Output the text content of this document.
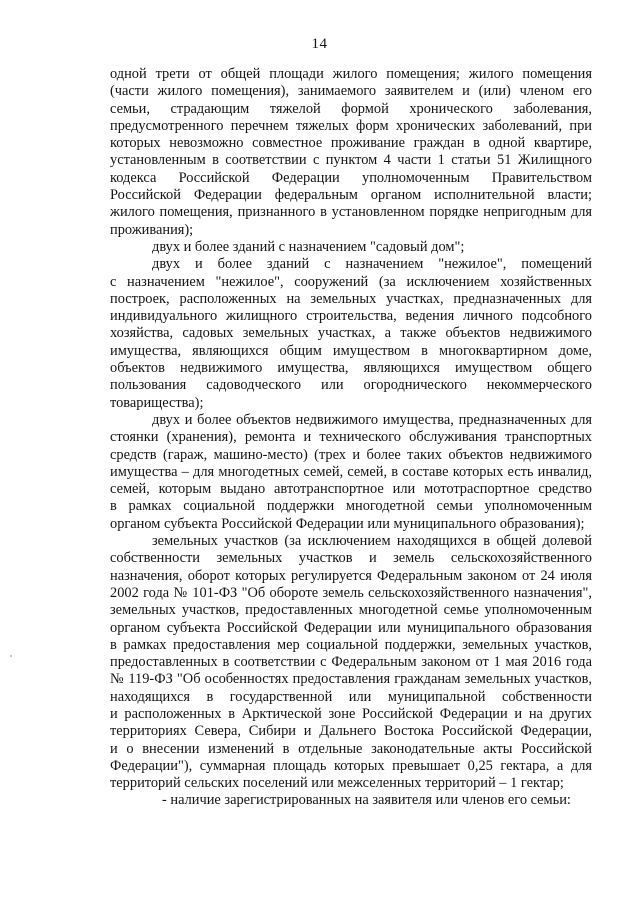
14
одной трети от общей площади жилого помещения; жилого помещения
(части жилого помещения), занимаемого заявителем и (или) членом его
семьи, страдающим тяжелой формой хронического заболевания,
предусмотренного перечнем тяжелых форм хронических заболеваний, при
которых невозможно совместное проживание граждан в одной квартире,
установленным в соответствии с пунктом 4 части 1 статьи 51 Жилищного
кодекса Российской Федерации уполномоченным Правительством
Российской Федерации федеральным органом исполнительной власти;
жилого помещения, признанного в установленном порядке непригодным для
проживания);
двух и более зданий с назначением "садовый дом";
двух и более зданий с назначением "нежилое", помещений
с назначением "нежилое", сооружений (за исключением хозяйственных
построек, расположенных на земельных участках, предназначенных для
индивидуального жилищного строительства, ведения личного подсобного
хозяйства, садовых земельных участках, а также объектов недвижимого
имущества, являющихся общим имуществом в многоквартирном доме,
объектов недвижимого имущества, являющихся имуществом общего
пользования садоводческого или огороднического некоммерческого
товарищества);
двух и более объектов недвижимого имущества, предназначенных для
стоянки (хранения), ремонта и технического обслуживания транспортных
средств (гараж, машино-место) (трех и более таких объектов недвижимого
имущества – для многодетных семей, семей, в составе которых есть инвалид,
семей, которым выдано автотранспортное или мототраспортное средство
в рамках социальной поддержки многодетной семьи уполномоченным
органом субъекта Российской Федерации или муниципального образования);
земельных участков (за исключением находящихся в общей долевой
собственности земельных участков и земель сельскохозяйственного
назначения, оборот которых регулируется Федеральным законом от 24 июля
2002 года № 101-ФЗ "Об обороте земель сельскохозяйственного назначения",
земельных участков, предоставленных многодетной семье уполномоченным
органом субъекта Российской Федерации или муниципального образования
в рамках предоставления мер социальной поддержки, земельных участков,
предоставленных в соответствии с Федеральным законом от 1 мая 2016 года
№ 119-ФЗ "Об особенностях предоставления гражданам земельных участков,
находящихся в государственной или муниципальной собственности
и расположенных в Арктической зоне Российской Федерации и на других
территориях Севера, Сибири и Дальнего Востока Российской Федерации,
и о внесении изменений в отдельные законодательные акты Российской
Федерации"), суммарная площадь которых превышает 0,25 гектара, а для
территорий сельских поселений или межселенных территорий – 1 гектар;
- наличие зарегистрированных на заявителя или членов его семьи:
